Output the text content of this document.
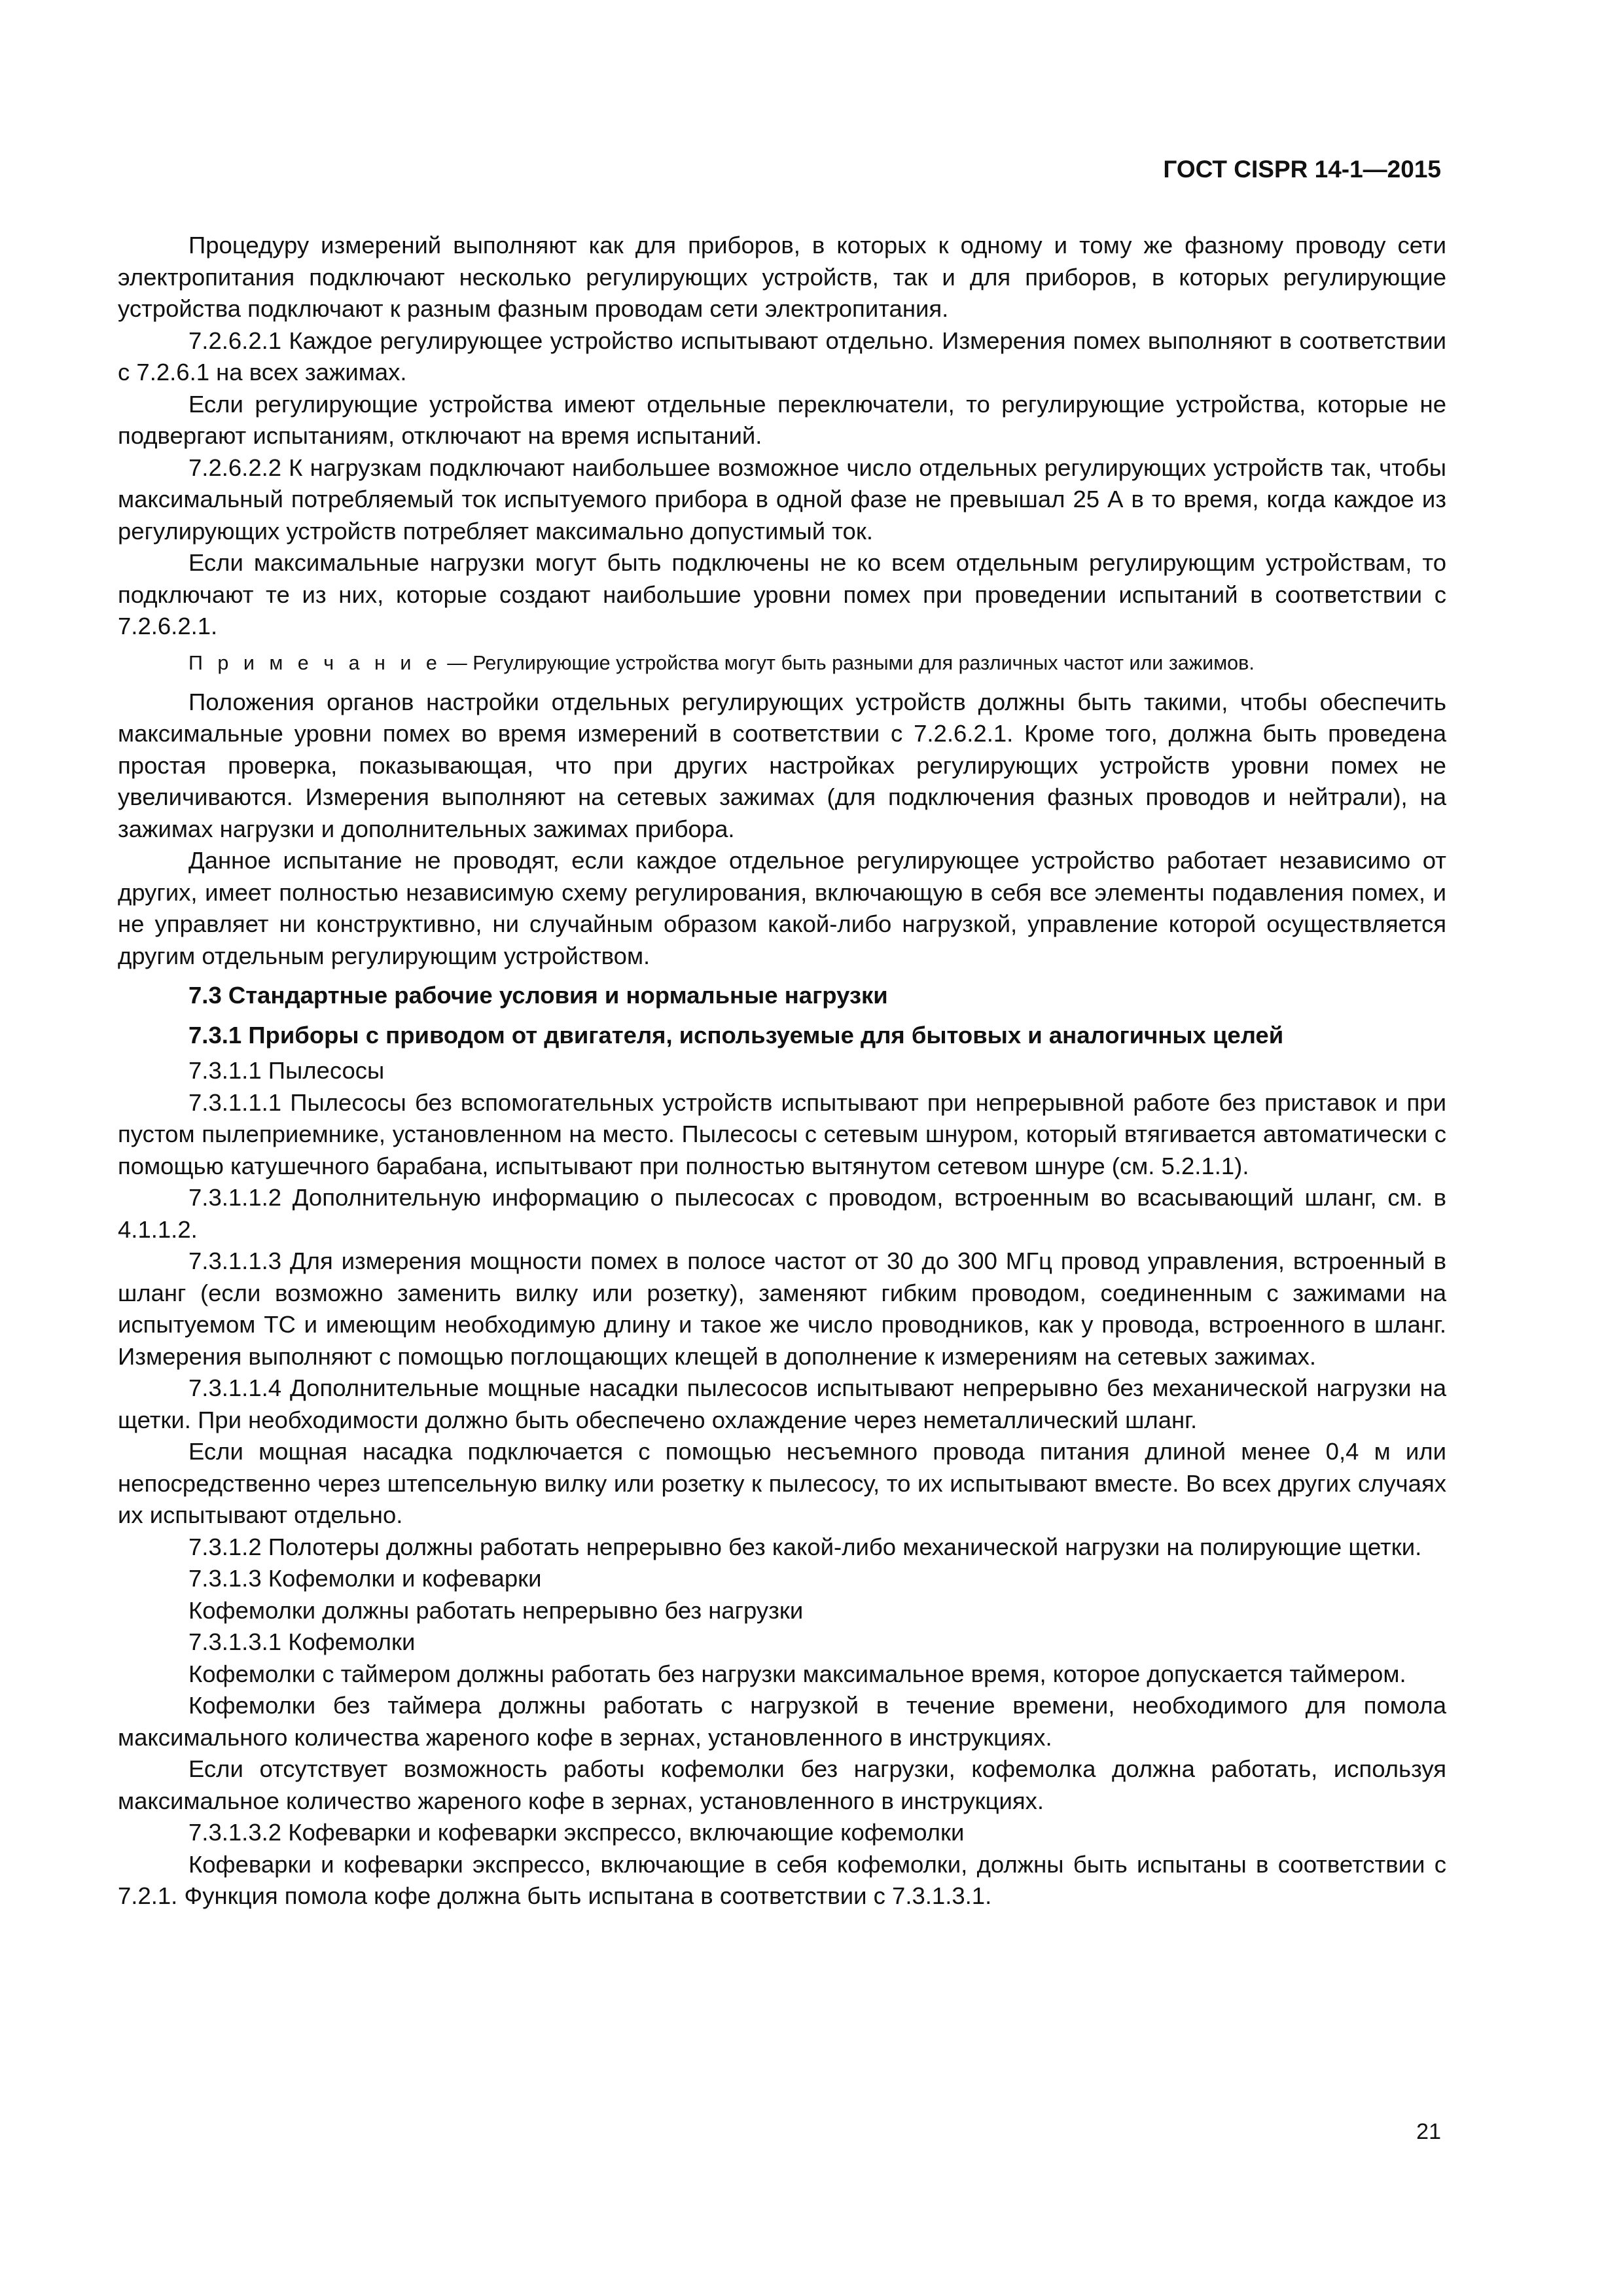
ГОСТ CISPR 14-1—2015

Процедуру измерений выполняют как для приборов, в которых к одному и тому же фазному проводу сети электропитания подключают несколько регулирующих устройств, так и для приборов, в которых регулирующие устройства подключают к разным фазным проводам сети электропитания.

7.2.6.2.1 Каждое регулирующее устройство испытывают отдельно. Измерения помех выполняют в соответствии с 7.2.6.1 на всех зажимах.

Если регулирующие устройства имеют отдельные переключатели, то регулирующие устройства, которые не подвергают испытаниям, отключают на время испытаний.

7.2.6.2.2 К нагрузкам подключают наибольшее возможное число отдельных регулирующих устройств так, чтобы максимальный потребляемый ток испытуемого прибора в одной фазе не превышал 25 А в то время, когда каждое из регулирующих устройств потребляет максимально допустимый ток.

Если максимальные нагрузки могут быть подключены не ко всем отдельным регулирующим устройствам, то подключают те из них, которые создают наибольшие уровни помех при проведении испытаний в соответствии с 7.2.6.2.1.

П р и м е ч а н и е — Регулирующие устройства могут быть разными для различных частот или зажимов.

Положения органов настройки отдельных регулирующих устройств должны быть такими, чтобы обеспечить максимальные уровни помех во время измерений в соответствии с 7.2.6.2.1. Кроме того, должна быть проведена простая проверка, показывающая, что при других настройках регулирующих устройств уровни помех не увеличиваются. Измерения выполняют на сетевых зажимах (для подключения фазных проводов и нейтрали), на зажимах нагрузки и дополнительных зажимах прибора.

Данное испытание не проводят, если каждое отдельное регулирующее устройство работает независимо от других, имеет полностью независимую схему регулирования, включающую в себя все элементы подавления помех, и не управляет ни конструктивно, ни случайным образом какой-либо нагрузкой, управление которой осуществляется другим отдельным регулирующим устройством.

7.3 Стандартные рабочие условия и нормальные нагрузки

7.3.1 Приборы с приводом от двигателя, используемые для бытовых и аналогичных целей

7.3.1.1 Пылесосы

7.3.1.1.1 Пылесосы без вспомогательных устройств испытывают при непрерывной работе без приставок и при пустом пылеприемнике, установленном на место. Пылесосы с сетевым шнуром, который втягивается автоматически с помощью катушечного барабана, испытывают при полностью вытянутом сетевом шнуре (см. 5.2.1.1).

7.3.1.1.2 Дополнительную информацию о пылесосах с проводом, встроенным во всасывающий шланг, см. в 4.1.1.2.

7.3.1.1.3 Для измерения мощности помех в полосе частот от 30 до 300 МГц провод управления, встроенный в шланг (если возможно заменить вилку или розетку), заменяют гибким проводом, соединенным с зажимами на испытуемом ТС и имеющим необходимую длину и такое же число проводников, как у провода, встроенного в шланг. Измерения выполняют с помощью поглощающих клещей в дополнение к измерениям на сетевых зажимах.

7.3.1.1.4 Дополнительные мощные насадки пылесосов испытывают непрерывно без механической нагрузки на щетки. При необходимости должно быть обеспечено охлаждение через неметаллический шланг.

Если мощная насадка подключается с помощью несъемного провода питания длиной менее 0,4 м или непосредственно через штепсельную вилку или розетку к пылесосу, то их испытывают вместе. Во всех других случаях их испытывают отдельно.

7.3.1.2 Полотеры должны работать непрерывно без какой-либо механической нагрузки на полирующие щетки.

7.3.1.3 Кофемолки и кофеварки

Кофемолки должны работать непрерывно без нагрузки

7.3.1.3.1 Кофемолки

Кофемолки с таймером должны работать без нагрузки максимальное время, которое допускается таймером.

Кофемолки без таймера должны работать с нагрузкой в течение времени, необходимого для помола максимального количества жареного кофе в зернах, установленного в инструкциях.

Если отсутствует возможность работы кофемолки без нагрузки, кофемолка должна работать, используя максимальное количество жареного кофе в зернах, установленного в инструкциях.

7.3.1.3.2 Кофеварки и кофеварки экспрессо, включающие кофемолки

Кофеварки и кофеварки экспрессо, включающие в себя кофемолки, должны быть испытаны в соответствии с 7.2.1. Функция помола кофе должна быть испытана в соответствии с 7.3.1.3.1.

21
